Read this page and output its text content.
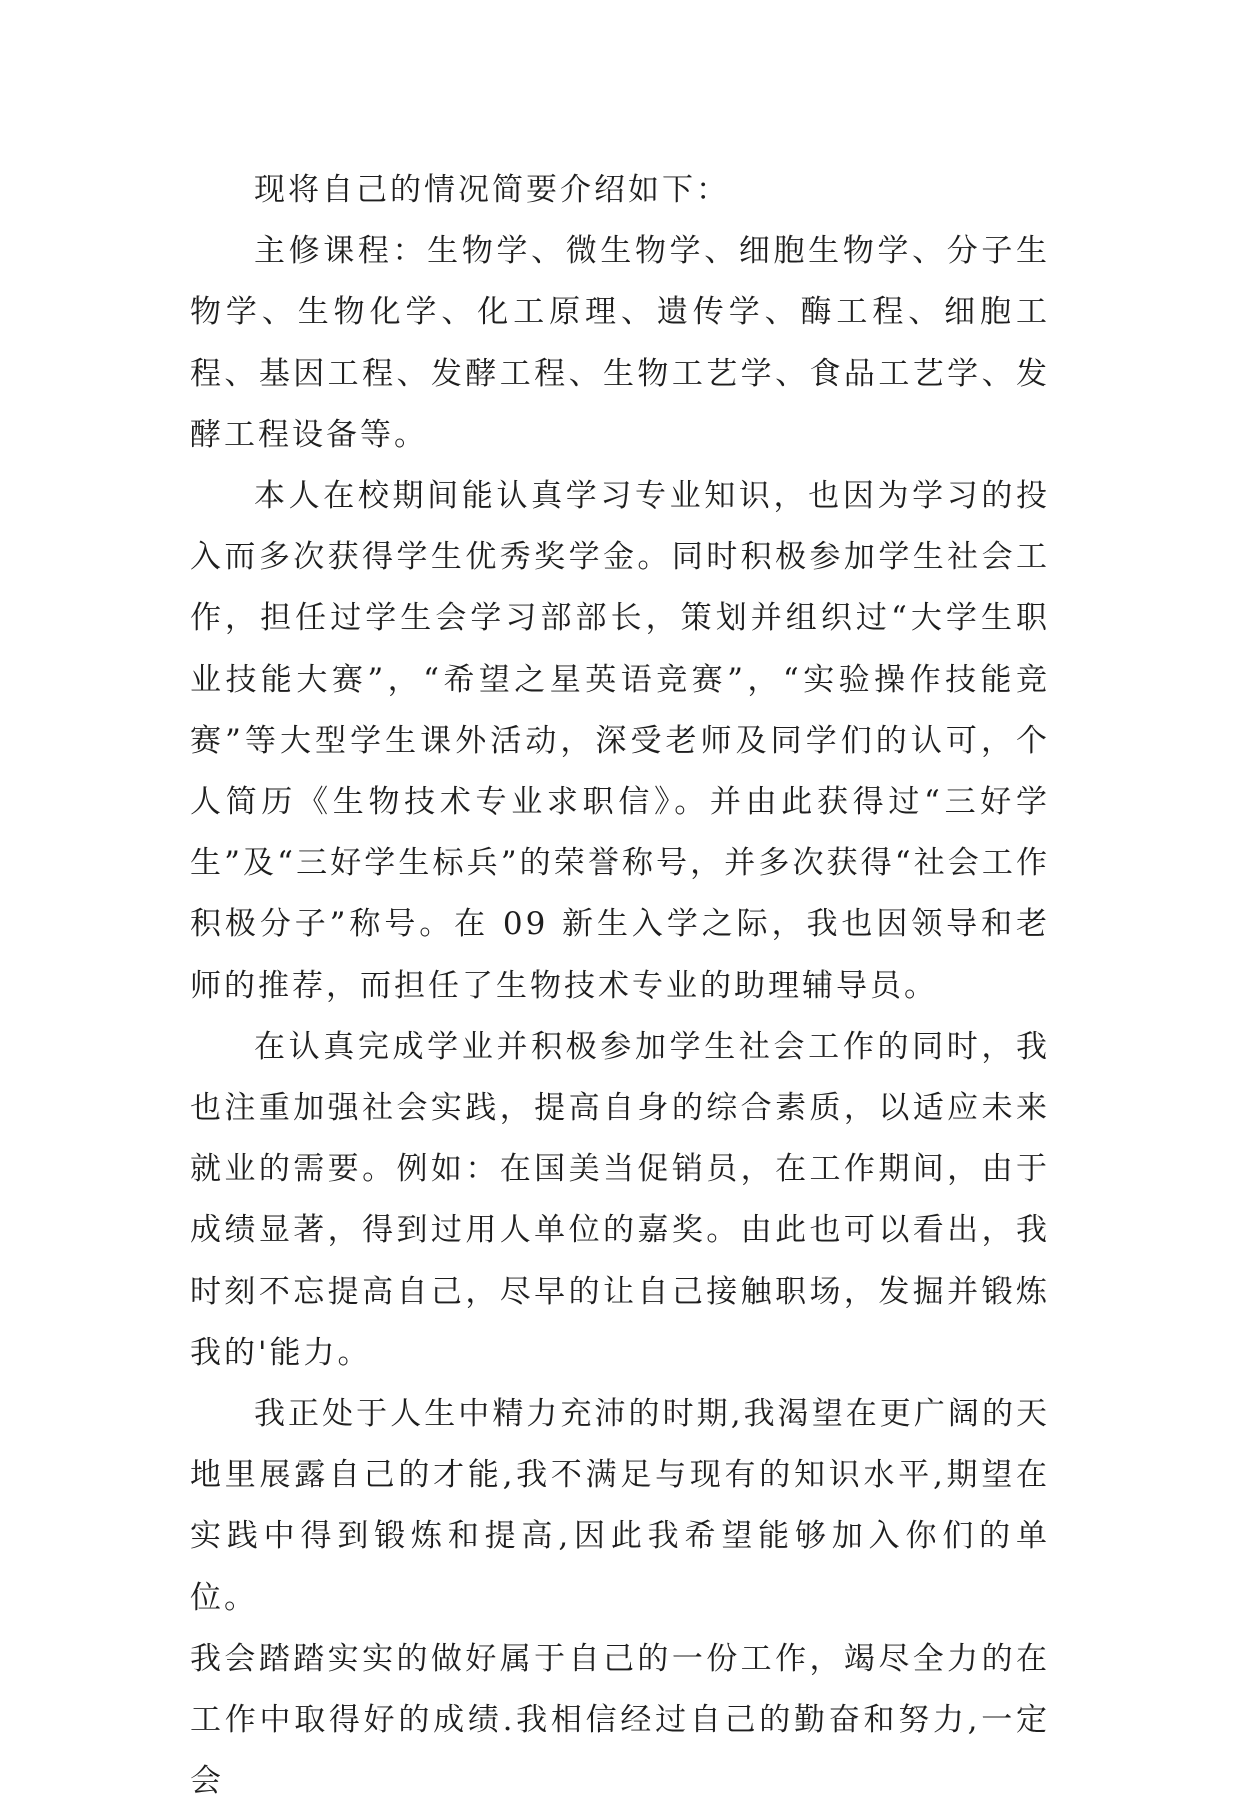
现将自己的情况简要介绍如下：

主修课程：生物学、微生物学、细胞生物学、分子生物学、生物化学、化工原理、遗传学、酶工程、细胞工程、基因工程、发酵工程、生物工艺学、食品工艺学、发酵工程设备等。

本人在校期间能认真学习专业知识，也因为学习的投入而多次获得学生优秀奖学金。同时积极参加学生社会工作，担任过学生会学习部部长，策划并组织过“大学生职业技能大赛”，“希望之星英语竞赛”，“实验操作技能竞赛”等大型学生课外活动，深受老师及同学们的认可，个人简历《生物技术专业求职信》。并由此获得过“三好学生”及“三好学生标兵”的荣誉称号，并多次获得“社会工作积极分子”称号。在 09 新生入学之际，我也因领导和老师的推荐，而担任了生物技术专业的助理辅导员。

在认真完成学业并积极参加学生社会工作的同时，我也注重加强社会实践，提高自身的综合素质，以适应未来就业的需要。例如：在国美当促销员，在工作期间，由于成绩显著，得到过用人单位的嘉奖。由此也可以看出，我时刻不忘提高自己，尽早的让自己接触职场，发掘并锻炼我的'能力。

我正处于人生中精力充沛的时期,我渴望在更广阔的天地里展露自己的才能,我不满足与现有的知识水平,期望在实践中得到锻炼和提高,因此我希望能够加入你们的单位。

我会踏踏实实的做好属于自己的一份工作，竭尽全力的在工作中取得好的成绩.我相信经过自己的勤奋和努力,一定会
